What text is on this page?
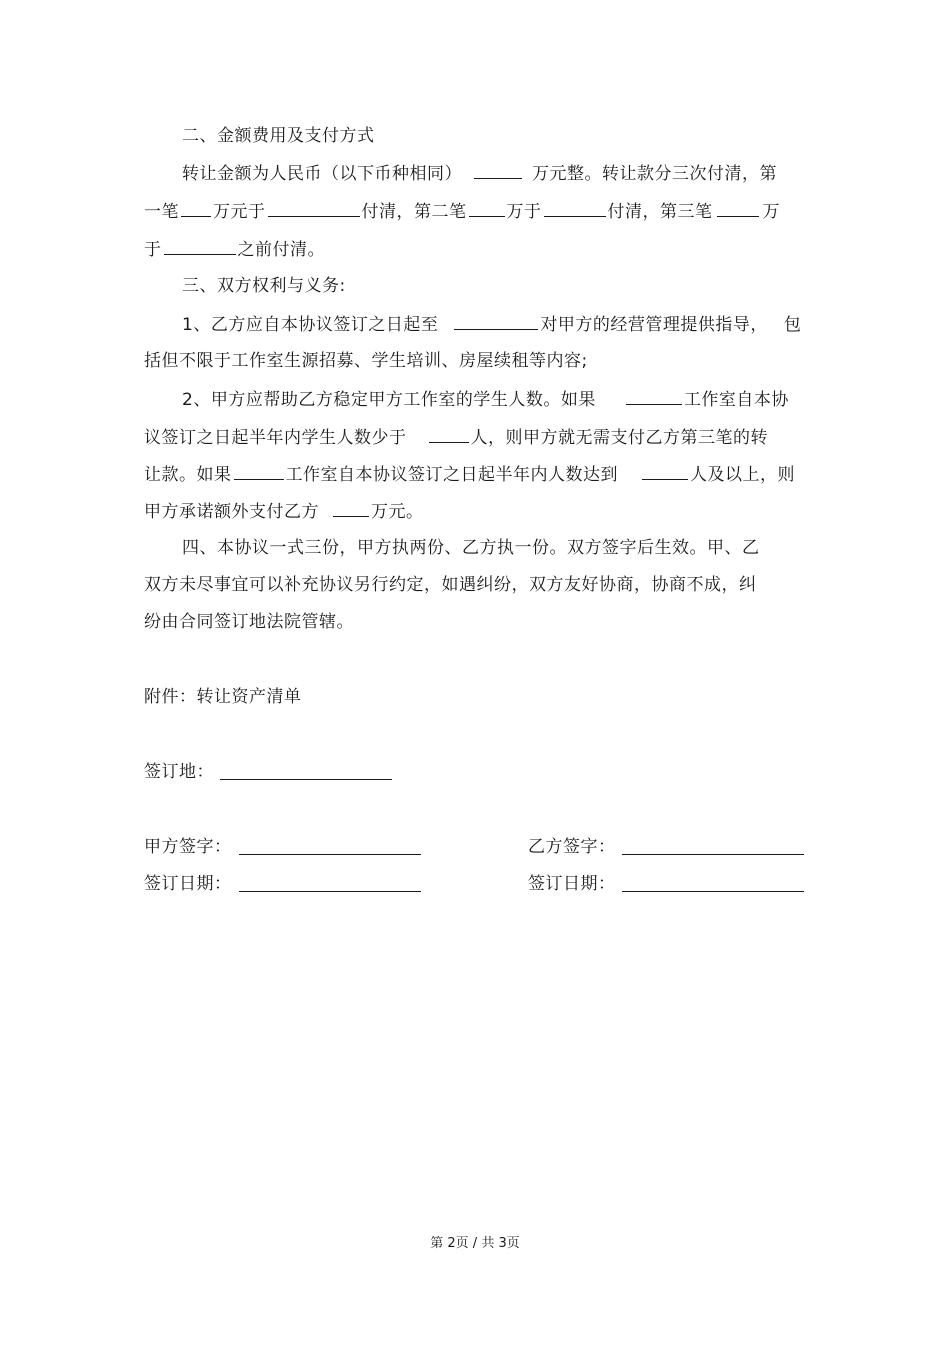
二、金额费用及支付方式
转让金额为人民币（以下币种相同）	万元整。转让款分三次付清，第
一笔 万元于	付清，第二笔 万于	付清，第三笔	万
于	之前付清。
三、双方权利与义务:
1、乙方应自本协议签订之日起至	对甲方的经营管理提供指导， 包
括但不限于工作室生源招募、学生培训、房屋续租等内容;
2、甲方应帮助乙方稳定甲方工作室的学生人数。如果	工作室自本协
议签订之日起半年内学生人数少于	人，则甲方就无需支付乙方第三笔的转
让款。如果	工作室自本协议签订之日起半年内人数达到	人及以上，则
甲方承诺额外支付乙方	万元。
四、本协议一式三份，甲方执两份、乙方执一份。双方签字后生效。甲、乙
双方未尽事宜可以补充协议另行约定，如遇纠纷，双方友好协商，协商不成，纠
纷由合同签订地法院管辖。
附件：转让资产清单
签订地：
甲方签字：	乙方签字：
签订日期：	签订日期：
第 2页 / 共 3页
